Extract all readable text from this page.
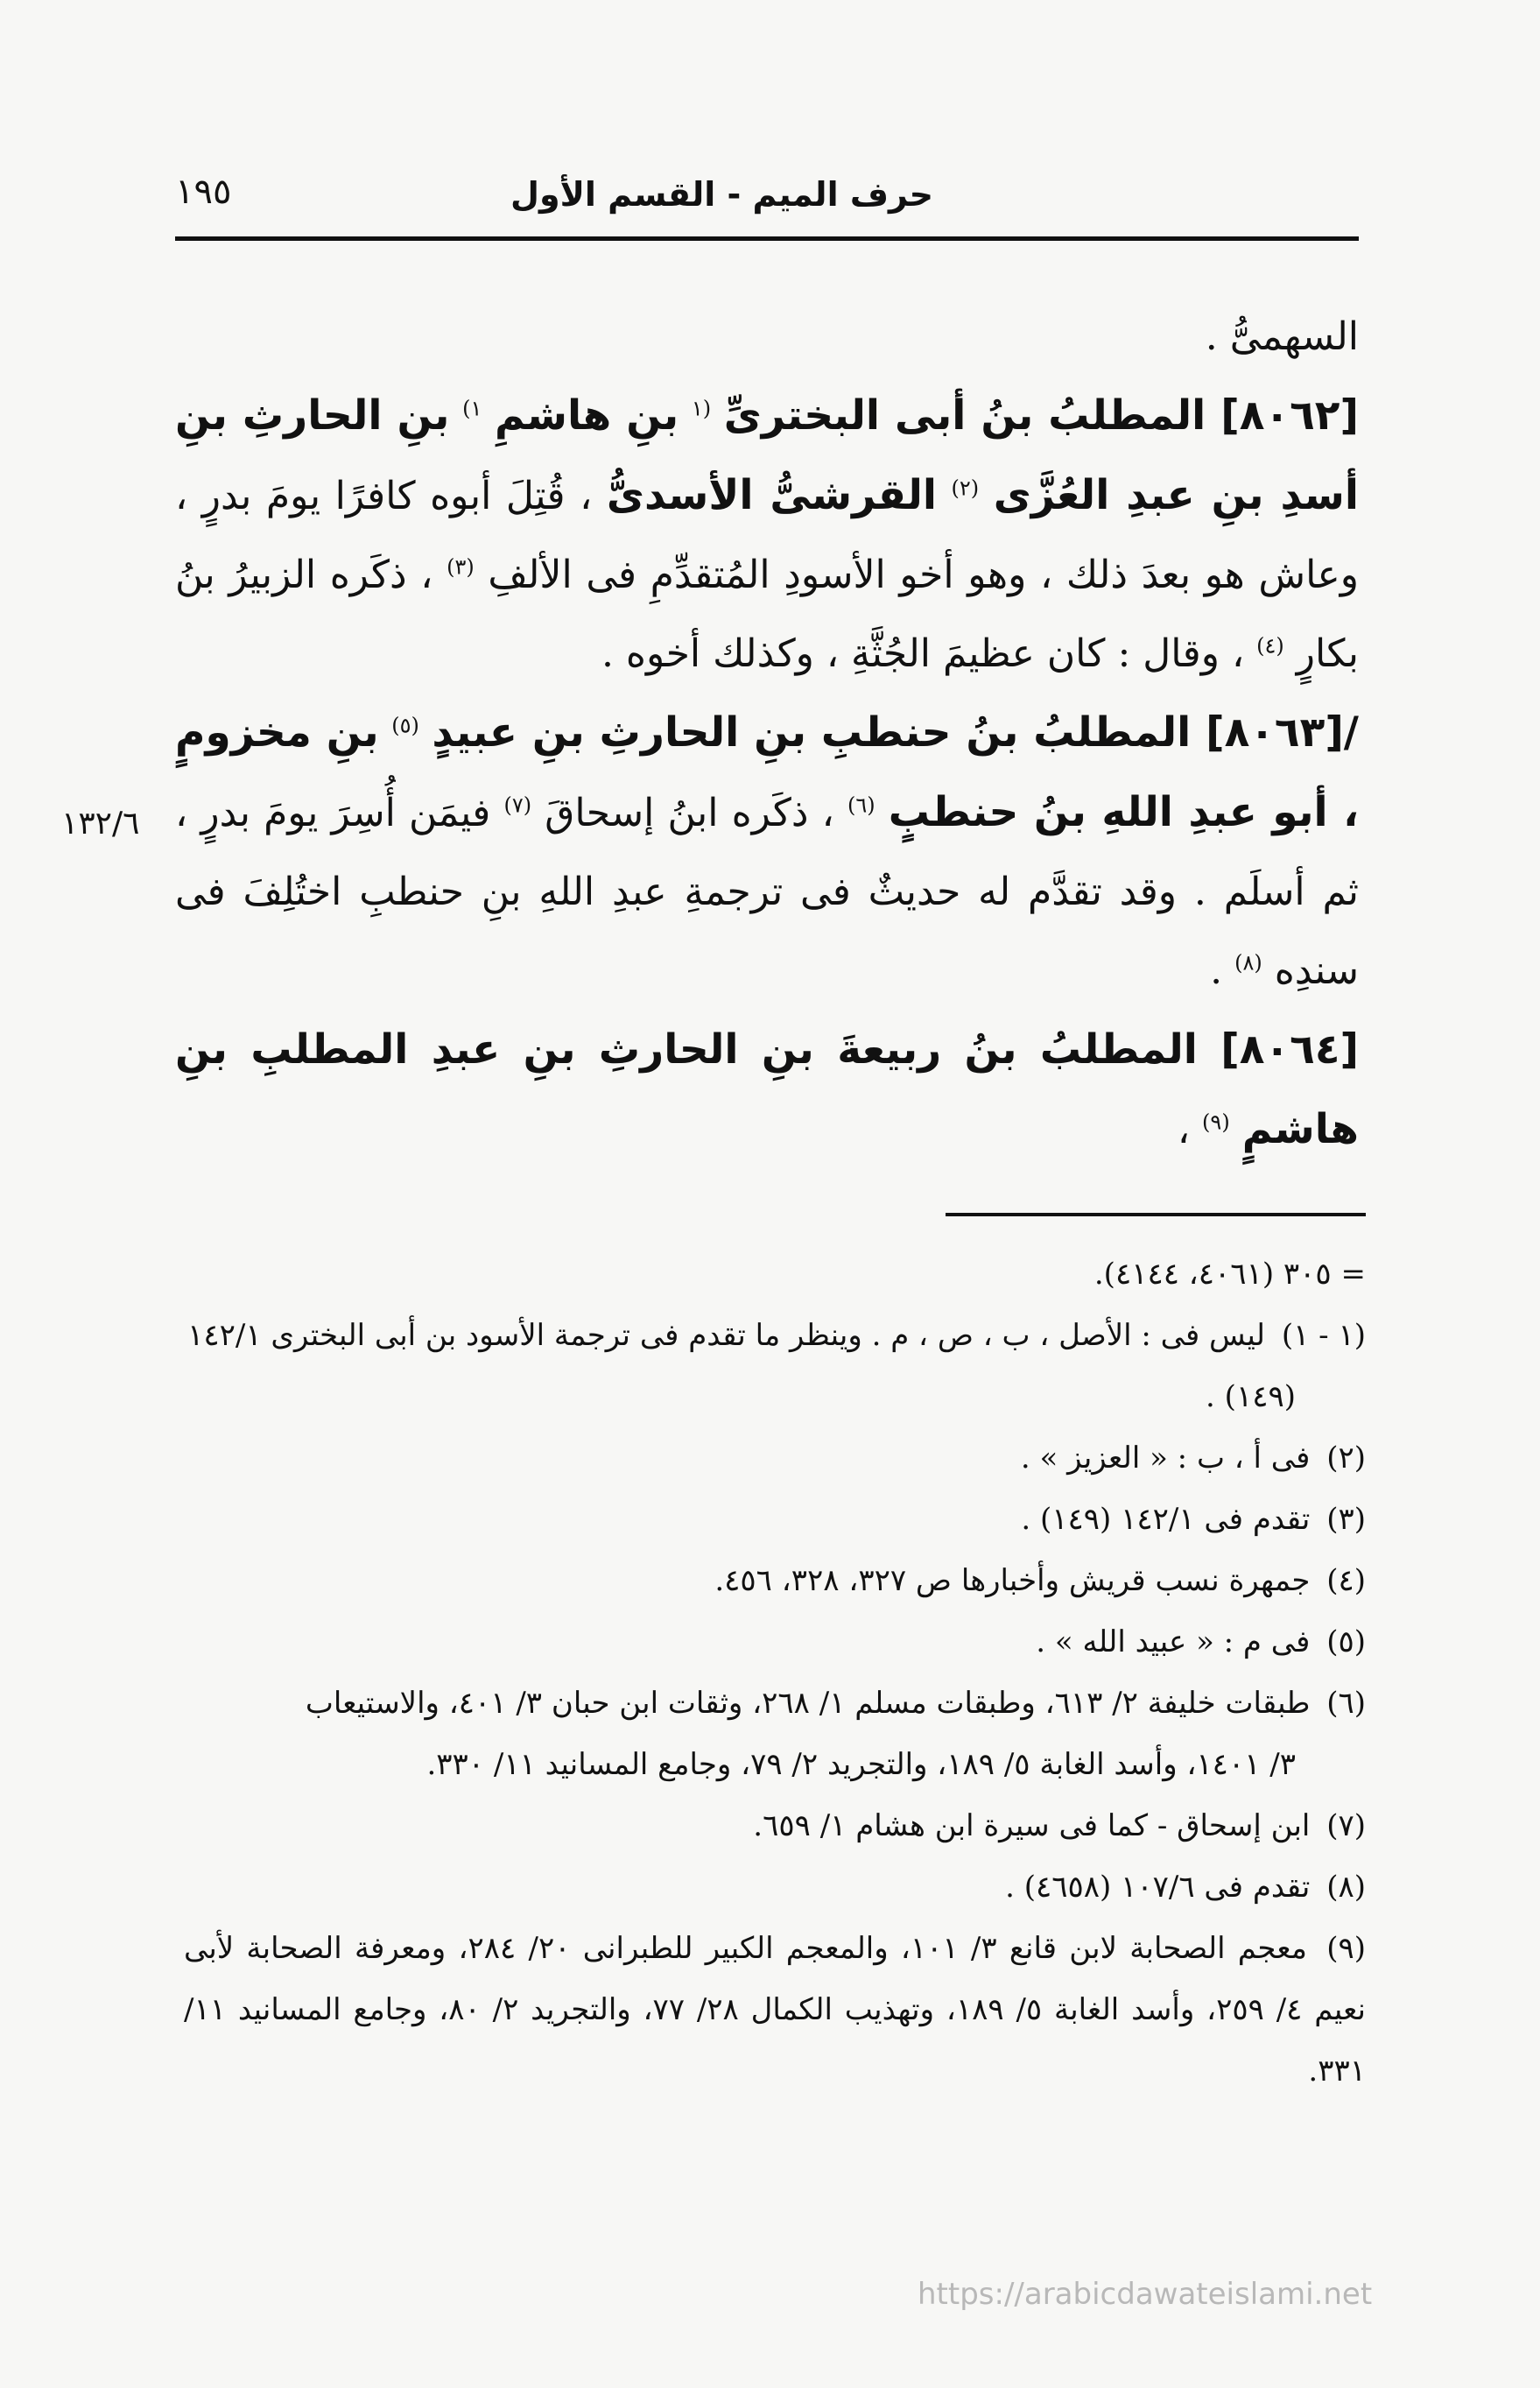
حرف الميم - القسم الأول
١٩٥
١٣٢/٦

السهمىُّ .

[٨٠٦٢] المطلبُ بنُ أبى البخترىِّ $^{(١}$ بنِ هاشمِ $^{١)}$ بنِ الحارثِ بنِ أسدِ بنِ عبدِ العُزَّى $^{(٢)}$ القرشىُّ الأسدىُّ ، قُتِلَ أبوه كافرًا يومَ بدرٍ ، وعاش هو بعدَ ذلك ، وهو أخو الأسودِ المُتقدِّمِ فى الألفِ $^{(٣)}$ ، ذكَره الزبيرُ بنُ بكارٍ $^{(٤)}$ ، وقال : كان عظيمَ الجُثَّةِ ، وكذلك أخوه .

/[٨٠٦٣] المطلبُ بنُ حنطبِ بنِ الحارثِ بنِ عبيدٍ $^{(٥)}$ بنِ مخزومٍ ، أبو عبدِ اللهِ بنُ حنطبٍ $^{(٦)}$ ، ذكَره ابنُ إسحاقَ $^{(٧)}$ فيمَن أُسِرَ يومَ بدرٍ ، ثم أسلَم . وقد تقدَّم له حديثٌ فى ترجمةِ عبدِ اللهِ بنِ حنطبِ اختُلِفَ فى سندِه $^{(٨)}$ .

[٨٠٦٤] المطلبُ بنُ ربيعةَ بنِ الحارثِ بنِ عبدِ المطلبِ بنِ هاشمٍ $^{(٩)}$ ،

= ٣٠٥ (٤٠٦١، ٤١٤٤).

(١ - ١) ليس فى : الأصل ، ب ، ص ، م . وينظر ما تقدم فى ترجمة الأسود بن أبى البخترى ١٤٢/١

(١٤٩) .

(٢) فى أ ، ب : « العزيز » .

(٣) تقدم فى ١٤٢/١ (١٤٩) .

(٤) جمهرة نسب قريش وأخبارها ص ٣٢٧، ٣٢٨، ٤٥٦.

(٥) فى م : « عبيد الله » .

(٦) طبقات خليفة ٢/ ٦١٣، وطبقات مسلم ١/ ٢٦٨، وثقات ابن حبان ٣/ ٤٠١، والاستيعاب

٣/ ١٤٠١، وأسد الغابة ٥/ ١٨٩، والتجريد ٢/ ٧٩، وجامع المسانيد ١١/ ٣٣٠.

(٧) ابن إسحاق - كما فى سيرة ابن هشام ١/ ٦٥٩.

(٨) تقدم فى ١٠٧/٦ (٤٦٥٨) .

(٩) معجم الصحابة لابن قانع ٣/ ١٠١، والمعجم الكبير للطبرانى ٢٠/ ٢٨٤، ومعرفة الصحابة لأبى نعيم ٤/ ٢٥٩، وأسد الغابة ٥/ ١٨٩، وتهذيب الكمال ٢٨/ ٧٧، والتجريد ٢/ ٨٠، وجامع المسانيد ١١/ ٣٣١.

https://arabicdawateislami.net
